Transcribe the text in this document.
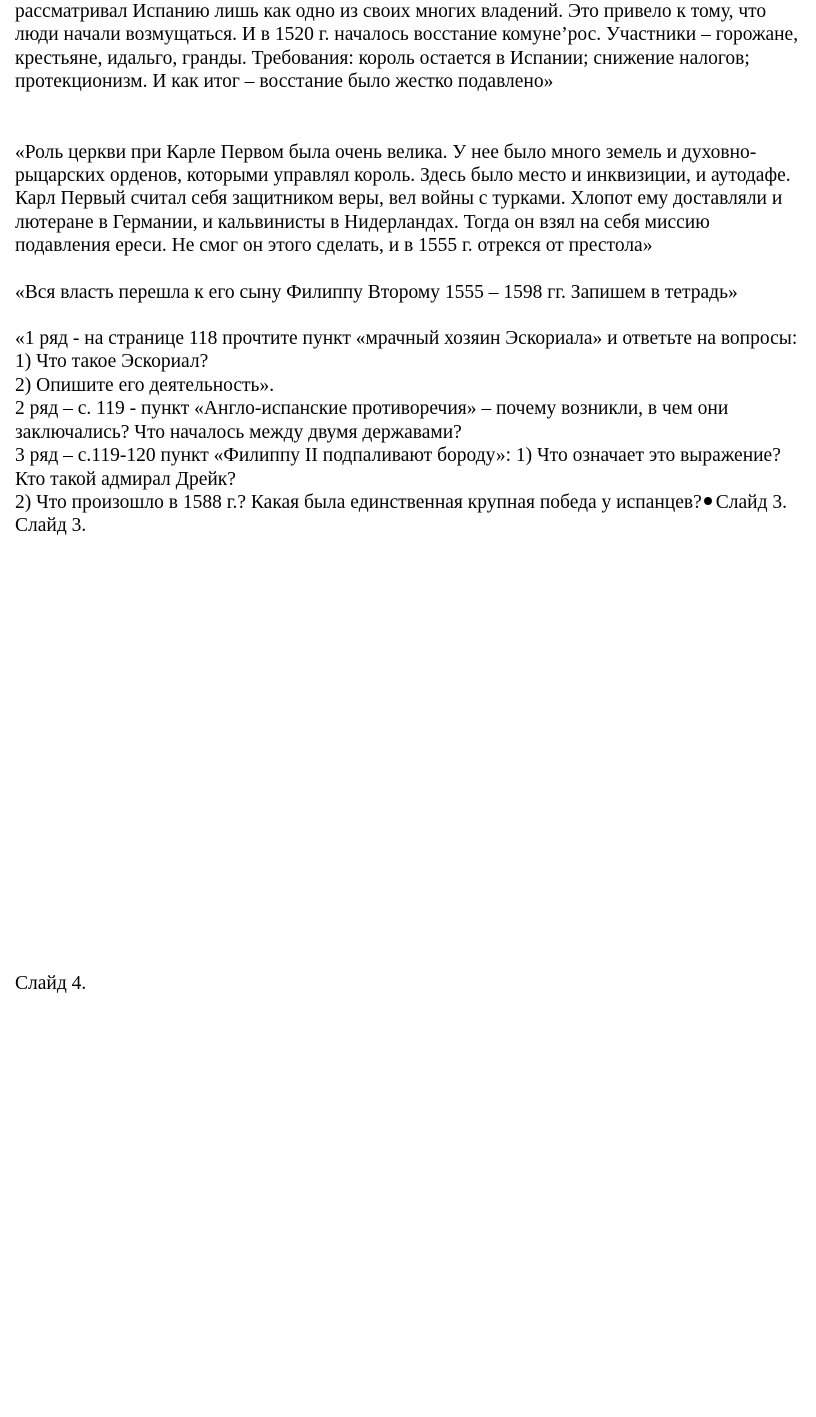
рассматривал Испанию лишь как одно из своих многих владений. Это привело к тому, что люди начали возмущаться. И в 1520 г. началось восстание комуне’рос. Участники – горожане, крестьяне, идальго, гранды. Требования: король остается в Испании; снижение налогов; протекционизм. И как итог – восстание было жестко подавлено»

«Роль церкви при Карле Первом была очень велика. У нее было много земель и духовно-рыцарских орденов, которыми управлял король. Здесь было место и инквизиции, и аутодафе. Карл Первый считал себя защитником веры, вел войны с турками. Хлопот ему доставляли и лютеране в Германии, и кальвинисты в Нидерландах. Тогда он взял на себя миссию подавления ереси. Не смог он этого сделать, и в 1555 г. отрекся от престола»

«Вся власть перешла к его сыну Филиппу Второму 1555 – 1598 гг. Запишем в тетрадь»

«1 ряд - на странице 118 прочтите пункт «мрачный хозяин Эскориала» и ответьте на вопросы: 1) Что такое Эскориал?

2) Опишите его деятельность».

2 ряд – с. 119 - пункт «Англо-испанские противоречия» – почему возникли, в чем они заключались? Что началось между двумя державами?

3 ряд – с.119-120 пункт «Филиппу II подпаливают бороду»: 1) Что означает это выражение? Кто такой адмирал Дрейк?

2) Что произошло в 1588 г.? Какая была единственная крупная победа у испанцев? Слайд 3.

Слайд 3.

Слайд 4.
